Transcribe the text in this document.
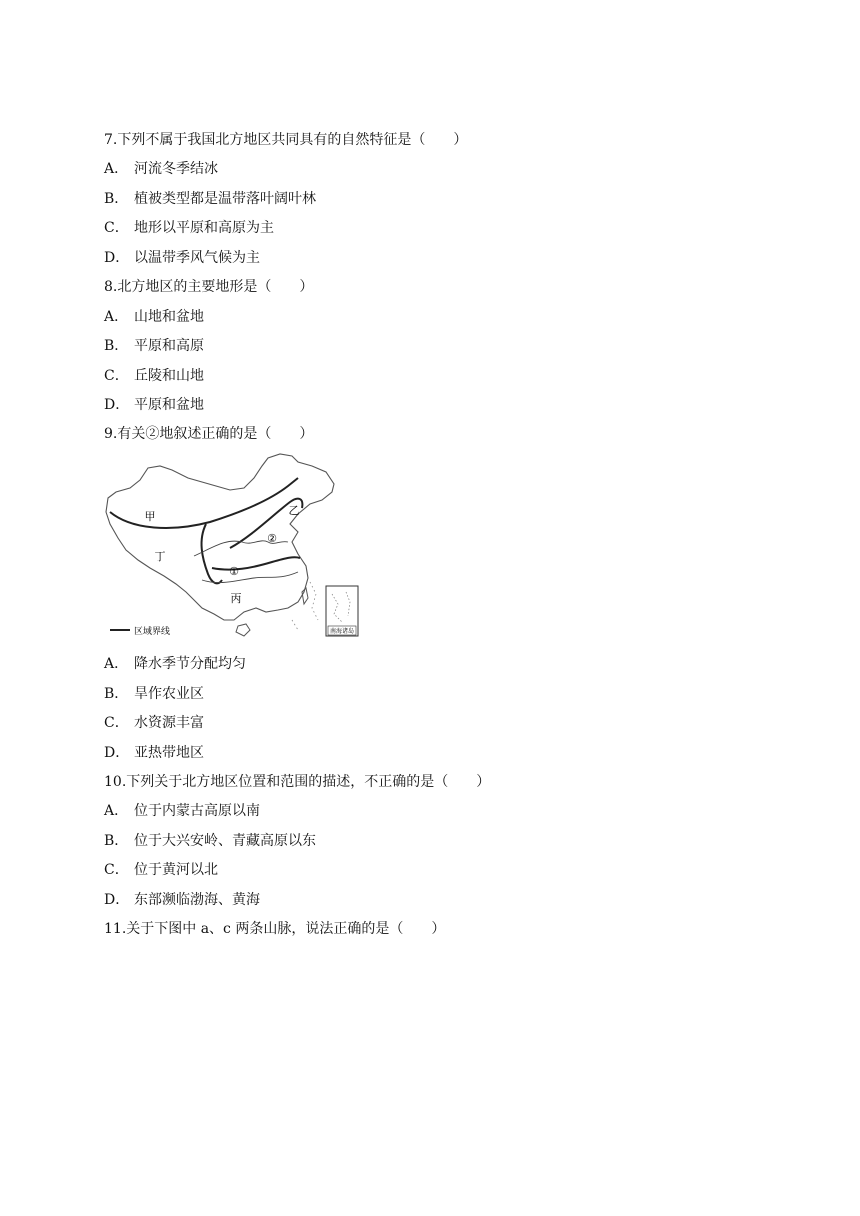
7.下列不属于我国北方地区共同具有的自然特征是（　　）
A． 河流冬季结冰
B． 植被类型都是温带落叶阔叶林
C． 地形以平原和高原为主
D． 以温带季风气候为主
8.北方地区的主要地形是（　　）
A． 山地和盆地
B． 平原和高原
C． 丘陵和山地
D． 平原和盆地
9.有关②地叙述正确的是（　　）
甲	乙
丙
丁
①
②
区域界线	南海诸岛
A． 降水季节分配均匀
B． 旱作农业区
C． 水资源丰富
D． 亚热带地区
10.下列关于北方地区位置和范围的描述，不正确的是（　　）
A． 位于内蒙古高原以南
B． 位于大兴安岭、青藏高原以东
C． 位于黄河以北
D． 东部濒临渤海、黄海
11.关于下图中 a、c 两条山脉，说法正确的是（　　）
